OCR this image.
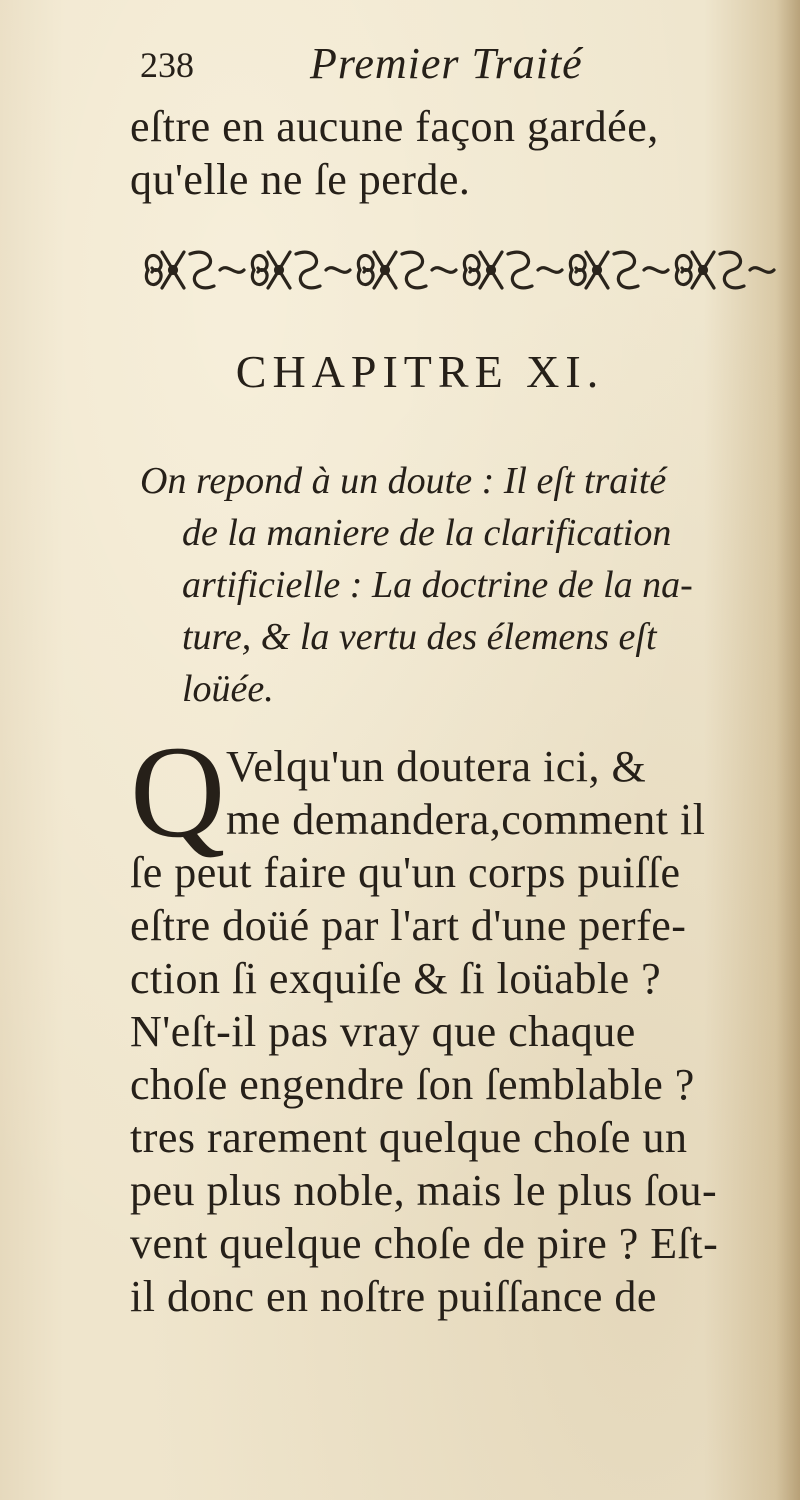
238	Premier Traité
eſtre en aucune façon gardée,
qu'elle ne ſe perde.
CHAPITRE XI.
On repond à un doute : Il eſt traité
de la maniere de la clarification
artificielle : La doctrine de la na-
ture, & la vertu des élemens eſt
loüée.
Q Velqu'un doutera ici, &
me demandera,comment il
ſe peut faire qu'un corps puiſſe
eſtre doüé par l'art d'une perfe-
ction ſi exquiſe & ſi loüable ?
N'eſt-il pas vray que chaque
choſe engendre ſon ſemblable ?
tres rarement quelque choſe un
peu plus noble, mais le plus ſou-
vent quelque choſe de pire ? Eſt-
il donc en noſtre puiſſance de
